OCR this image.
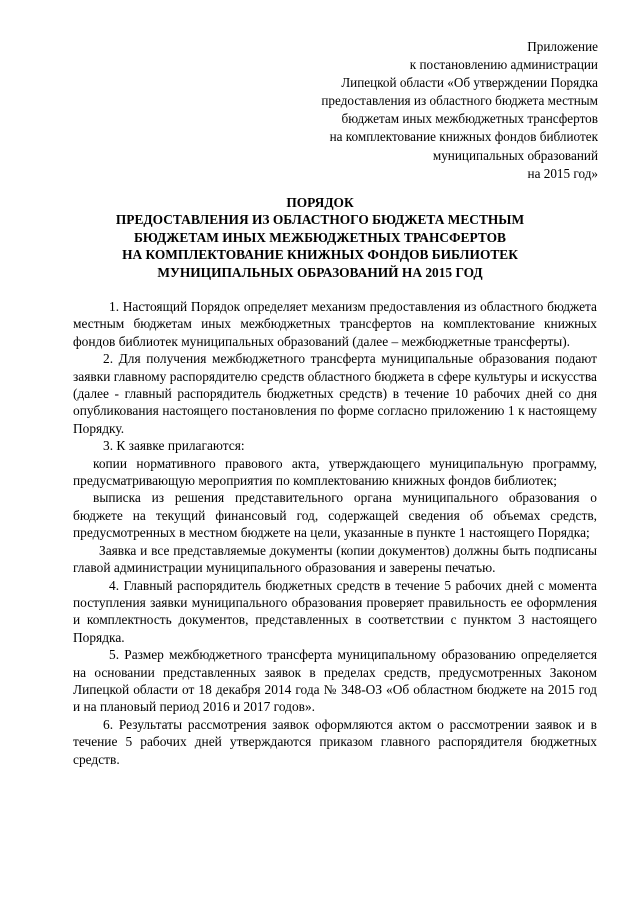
Приложение
к постановлению администрации
Липецкой области «Об утверждении Порядка
предоставления из областного бюджета местным
бюджетам иных межбюджетных трансфертов
на комплектование книжных фондов библиотек
муниципальных образований
на 2015 год»
ПОРЯДОК
ПРЕДОСТАВЛЕНИЯ ИЗ ОБЛАСТНОГО БЮДЖЕТА МЕСТНЫМ
БЮДЖЕТАМ ИНЫХ МЕЖБЮДЖЕТНЫХ ТРАНСФЕРТОВ
НА КОМПЛЕКТОВАНИЕ КНИЖНЫХ ФОНДОВ БИБЛИОТЕК
МУНИЦИПАЛЬНЫХ ОБРАЗОВАНИЙ НА 2015 ГОД

1. Настоящий Порядок определяет механизм предоставления из областного бюджета местным бюджетам иных межбюджетных трансфертов на комплектование книжных фондов библиотек муниципальных образований (далее – межбюджетные трансферты).

2. Для получения межбюджетного трансферта муниципальные образования подают заявки главному распорядителю средств областного бюджета в сфере культуры и искусства (далее - главный распорядитель бюджетных средств) в течение 10 рабочих дней со дня опубликования настоящего постановления по форме согласно приложению 1 к настоящему Порядку.

3. К заявке прилагаются:

копии нормативного правового акта, утверждающего муниципальную программу, предусматривающую мероприятия по комплектованию книжных фондов библиотек;

выписка из решения представительного органа муниципального образования о бюджете на текущий финансовый год, содержащей сведения об объемах средств, предусмотренных в местном бюджете на цели, указанные в пункте 1 настоящего Порядка;

Заявка и все представляемые документы (копии документов) должны быть подписаны главой администрации муниципального образования и заверены печатью.

4. Главный распорядитель бюджетных средств в течение 5 рабочих дней с момента поступления заявки муниципального образования проверяет правильность ее оформления и комплектность документов, представленных в соответствии с пунктом 3 настоящего Порядка.

5. Размер межбюджетного трансферта муниципальному образованию определяется на основании представленных заявок в пределах средств, предусмотренных Законом Липецкой области от 18 декабря 2014 года № 348-ОЗ «Об областном бюджете на 2015 год и на плановый период 2016 и 2017 годов».

6. Результаты рассмотрения заявок оформляются актом о рассмотрении заявок и в течение 5 рабочих дней утверждаются приказом главного распорядителя бюджетных средств.
